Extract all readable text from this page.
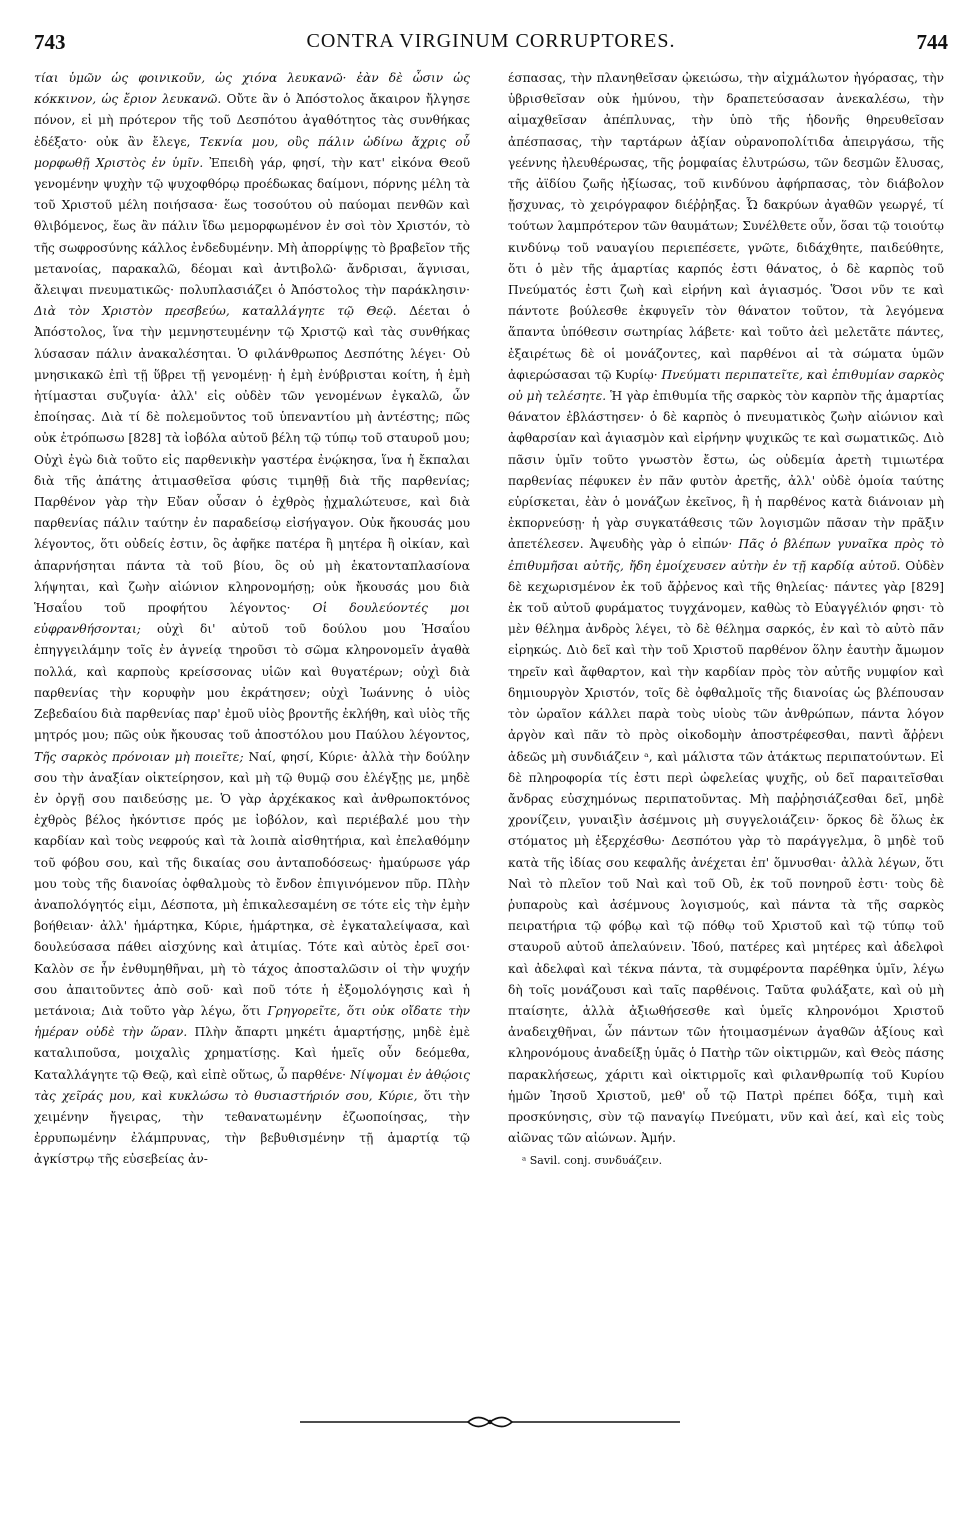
743	CONTRA VIRGINUM CORRUPTORES.	744

τίαι ὑμῶν ὡς φοινικοῦν, ὡς χιόνα λευκανῶ· ἐὰν δὲ ὦσιν ὡς κόκκινον, ὡς ἔριον λευκανῶ. Οὔτε ἂν ὁ Ἀπόστολος ἄκαιρον ἤλγησε πόνον, εἰ μὴ πρότερον τῆς τοῦ Δεσπότου ἀγαθότητος τὰς συνθήκας ἐδέξατο· οὐκ ἂν ἔλεγε, Τεκνία μου, οὓς πάλιν ὠδίνω ἄχρις οὗ μορφωθῇ Χριστὸς ἐν ὑμῖν. Ἐπειδὴ γάρ, φησί, τὴν κατ' εἰκόνα Θεοῦ γενομένην ψυχὴν τῷ ψυχοφθόρῳ προέδωκας δαίμονι, πόρνης μέλη τὰ τοῦ Χριστοῦ μέλη ποιήσασα· ἕως τοσούτου οὐ παύομαι πενθῶν καὶ θλιβόμενος, ἕως ἂν πάλιν ἴδω μεμορφωμένον ἐν σοὶ τὸν Χριστόν, τὸ τῆς σωφροσύνης κάλλος ἐνδεδυμένην. Μὴ ἀπορρίψῃς τὸ βραβεῖον τῆς μετανοίας, παρακαλῶ, δέομαι καὶ ἀντιβολῶ· ἄνδρισαι, ἅγνισαι, ἄλειψαι πνευματικῶς· πολυπλασιάζει ὁ Ἀπόστολος τὴν παράκλησιν· Διὰ τὸν Χριστὸν πρεσβεύω, καταλλάγητε τῷ Θεῷ. Δέεται ὁ Ἀπόστολος, ἵνα τὴν μεμνηστευμένην τῷ Χριστῷ καὶ τὰς συνθήκας λύσασαν πάλιν ἀνακαλέσηται. Ὁ φιλάνθρωπος Δεσπότης λέγει· Οὐ μνησικακῶ ἐπὶ τῇ ὕβρει τῇ γενομένῃ· ἡ ἐμὴ ἐνύβρισται κοίτη, ἡ ἐμὴ ἠτίμασται συζυγία· ἀλλ' εἰς οὐδὲν τῶν γενομένων ἐγκαλῶ, ὧν ἐποίησας. Διὰ τί δὲ πολεμοῦντος τοῦ ὑπεναντίου μὴ ἀντέστης; πῶς οὐκ ἐτρόπωσω [828] τὰ ἰοβόλα αὐτοῦ βέλη τῷ τύπῳ τοῦ σταυροῦ μου; Οὐχὶ ἐγὼ διὰ τοῦτο εἰς παρθενικὴν γαστέρα ἐνῴκησα, ἵνα ἡ ἔκπαλαι διὰ τῆς ἀπάτης ἀτιμασθεῖσα φύσις τιμηθῇ διὰ τῆς παρθενίας; Παρθένον γὰρ τὴν Εὔαν οὖσαν ὁ ἐχθρὸς ᾐχμαλώτευσε, καὶ διὰ παρθενίας πάλιν ταύτην ἐν παραδείσῳ εἰσήγαγον. Οὐκ ἤκουσάς μου λέγοντος, ὅτι οὐδείς ἐστιν, ὃς ἀφῆκε πατέρα ἢ μητέρα ἢ οἰκίαν, καὶ ἀπαρνήσηται πάντα τὰ τοῦ βίου, ὃς οὐ μὴ ἑκατονταπλασίονα λήψηται, καὶ ζωὴν αἰώνιον κληρονομήσῃ; οὐκ ἤκουσάς μου διὰ Ἡσαΐου τοῦ προφήτου λέγοντος· Οἱ δουλεύοντές μοι εὐφρανθήσονται; οὐχὶ δι' αὐτοῦ τοῦ δούλου μου Ἡσαΐου ἐπηγγειλάμην τοῖς ἐν ἁγνείᾳ τηροῦσι τὸ σῶμα κληρονομεῖν ἀγαθὰ πολλά, καὶ καρποὺς κρείσσονας υἱῶν καὶ θυγατέρων; οὐχὶ διὰ παρθενίας τὴν κορυφὴν μου ἐκράτησεν; οὐχὶ Ἰωάννης ὁ υἱὸς Ζεβεδαίου διὰ παρθενίας παρ' ἐμοῦ υἱὸς βροντῆς ἐκλήθη, καὶ υἱὸς τῆς μητρός μου; πῶς οὐκ ἤκουσας τοῦ ἀποστόλου μου Παύλου λέγοντος, Τῆς σαρκὸς πρόνοιαν μὴ ποιεῖτε; Ναί, φησί, Κύριε· ἀλλὰ τὴν δούλην σου τὴν ἀναξίαν οἰκτείρησον, καὶ μὴ τῷ θυμῷ σου ἐλέγξῃς με, μηδὲ ἐν ὀργῇ σου παιδεύσῃς με. Ὁ γὰρ ἀρχέκακος καὶ ἀνθρωποκτόνος ἐχθρὸς βέλος ἠκόντισε πρός με ἰοβόλον, καὶ περιέβαλέ μου τὴν καρδίαν καὶ τοὺς νεφρούς καὶ τὰ λοιπὰ αἰσθητήρια, καὶ ἐπελαθόμην τοῦ φόβου σου, καὶ τῆς δικαίας σου ἀνταποδόσεως· ἠμαύρωσε γάρ μου τοὺς τῆς διανοίας ὀφθαλμοὺς τὸ ἔνδον ἐπιγινόμενον πῦρ. Πλὴν ἀναπολόγητός εἰμι, Δέσποτα, μὴ ἐπικαλεσαμένη σε τότε εἰς τὴν ἐμὴν βοήθειαν· ἀλλ' ἡμάρτηκα, Κύριε, ἡμάρτηκα, σὲ ἐγκαταλείψασα, καὶ δουλεύσασα πάθει αἰσχύνης καὶ ἀτιμίας. Τότε καὶ αὐτὸς ἐρεῖ σοι· Καλὸν σε ἦν ἐνθυμηθῆναι, μὴ τὸ τάχος ἀποσταλῶσιν οἱ τὴν ψυχήν σου ἀπαιτοῦντες ἀπὸ σοῦ· καὶ ποῦ τότε ἡ ἐξομολόγησις καὶ ἡ μετάνοια; Διὰ τοῦτο γὰρ λέγω, ὅτι Γρηγορεῖτε, ὅτι οὐκ οἴδατε τὴν ἡμέραν οὐδὲ τὴν ὥραν. Πλὴν ἄπαρτι μηκέτι ἁμαρτήσῃς, μηδὲ ἐμὲ καταλιποῦσα, μοιχαλὶς χρηματίσῃς. Καὶ ἡμεῖς οὖν δεόμεθα, Καταλλάγητε τῷ Θεῷ, καὶ εἰπὲ οὕτως, ὦ παρθένε· Νίψομαι ἐν ἀθῴοις τὰς χεῖράς μου, καὶ κυκλώσω τὸ θυσιαστήριόν σου, Κύριε, ὅτι τὴν χειμένην ἤγειρας, τὴν τεθανατωμένην ἐζωοποίησας, τὴν ἐρρυπωμένην ἐλάμπρυνας, τὴν βεβυθισμένην τῇ ἁμαρτίᾳ τῷ ἀγκίστρῳ τῆς εὐσεβείας ἀν-

έσπασας, τὴν πλανηθεῖσαν ᾠκειώσω, τὴν αἰχμάλωτον ἠγόρασας, τὴν ὑβρισθεῖσαν οὐκ ἠμύνου, τὴν δραπετεύσασαν ἀνεκαλέσω, τὴν αἱμαχθεῖσαν ἀπέπλυνας, τὴν ὑπὸ τῆς ἡδονῆς θηρευθεῖσαν ἀπέσπασας, τὴν ταρτάρων ἀξίαν οὐρανοπολίτιδα ἀπειργάσω, τῆς γεέννης ἠλευθέρωσας, τῆς ῥομφαίας ἐλυτρώσω, τῶν δεσμῶν ἔλυσας, τῆς ἀϊδίου ζωῆς ἠξίωσας, τοῦ κινδύνου ἀφήρπασας, τὸν διάβολον ᾔσχυνας, τὸ χειρόγραφον διέῤῥηξας. Ὦ δακρύων ἀγαθῶν γεωργέ, τί τούτων λαμπρότερον τῶν θαυμάτων; Συνέλθετε οὖν, ὅσαι τῷ τοιούτῳ κινδύνῳ τοῦ ναυαγίου περιεπέσετε, γνῶτε, διδάχθητε, παιδεύθητε, ὅτι ὁ μὲν τῆς ἁμαρτίας καρπός ἐστι θάνατος, ὁ δὲ καρπὸς τοῦ Πνεύματός ἐστι ζωὴ καὶ εἰρήνη καὶ ἁγιασμός. Ὅσοι νῦν τε καὶ πάντοτε βούλεσθε ἐκφυγεῖν τὸν θάνατον τοῦτον, τὰ λεγόμενα ἅπαντα ὑπόθεσιν σωτηρίας λάβετε· καὶ τοῦτο ἀεὶ μελετᾶτε πάντες, ἐξαιρέτως δὲ οἱ μονάζοντες, καὶ παρθένοι αἱ τὰ σώματα ὑμῶν ἀφιερώσασαι τῷ Κυρίῳ· Πνεύματι περιπατεῖτε, καὶ ἐπιθυμίαν σαρκὸς οὐ μὴ τελέσητε. Ἡ γὰρ ἐπιθυμία τῆς σαρκὸς τὸν καρπὸν τῆς ἁμαρτίας θάνατον ἐβλάστησεν· ὁ δὲ καρπὸς ὁ πνευματικὸς ζωὴν αἰώνιον καὶ ἀφθαρσίαν καὶ ἁγιασμὸν καὶ εἰρήνην ψυχικῶς τε καὶ σωματικῶς. Διὸ πᾶσιν ὑμῖν τοῦτο γνωστὸν ἔστω, ὡς οὐδεμία ἀρετὴ τιμιωτέρα παρθενίας πέφυκεν ἐν πᾶν φυτὸν ἀρετῆς, ἀλλ' οὐδὲ ὁμοία ταύτης εὑρίσκεται, ἐὰν ὁ μονάζων ἐκεῖνος, ἢ ἡ παρθένος κατὰ διάνοιαν μὴ ἐκπορνεύσῃ· ἡ γὰρ συγκατάθεσις τῶν λογισμῶν πᾶσαν τὴν πρᾶξιν ἀπετέλεσεν. Ἀψευδὴς γὰρ ὁ εἰπών· Πᾶς ὁ βλέπων γυναῖκα πρὸς τὸ ἐπιθυμῆσαι αὐτῆς, ἤδη ἐμοίχευσεν αὐτὴν ἐν τῇ καρδίᾳ αὐτοῦ. Οὐδὲν δὲ κεχωρισμένον ἐκ τοῦ ἄῤῥενος καὶ τῆς θηλείας· πάντες γὰρ [829] ἐκ τοῦ αὐτοῦ φυράματος τυγχάνομεν, καθὼς τὸ Εὐαγγέλιόν φησι· τὸ μὲν θέλημα ἀνδρὸς λέγει, τὸ δὲ θέλημα σαρκός, ἐν καὶ τὸ αὐτὸ πᾶν εἰρηκώς. Διὸ δεῖ καὶ τὴν τοῦ Χριστοῦ παρθένον ὅλην ἑαυτὴν ἄμωμον τηρεῖν καὶ ἄφθαρτον, καὶ τὴν καρδίαν πρὸς τὸν αὐτῆς νυμφίον καὶ δημιουργὸν Χριστόν, τοῖς δὲ ὀφθαλμοῖς τῆς διανοίας ὡς βλέπουσαν τὸν ὡραῖον κάλλει παρὰ τοὺς υἱοὺς τῶν ἀνθρώπων, πάντα λόγον ἀργὸν καὶ πᾶν τὸ πρὸς οἰκοδομὴν ἀποστρέφεσθαι, παντὶ ἄῤῥενι ἀδεῶς μὴ συνδιάζειν ᵃ, καὶ μάλιστα τῶν ἀτάκτως περιπατούντων. Εἰ δὲ πληροφορία τίς ἐστι περὶ ὠφελείας ψυχῆς, οὐ δεῖ παραιτεῖσθαι ἄνδρας εὐσχημόνως περιπατοῦντας. Μὴ παῤῥησιάζεσθαι δεῖ, μηδὲ χρονίζειν, γυναιξὶν ἀσέμνοις μὴ συγγελοιάζειν· ὅρκος δὲ ὅλως ἐκ στόματος μὴ ἐξερχέσθω· Δεσπότου γὰρ τὸ παράγγελμα, ὃ μηδὲ τοῦ κατὰ τῆς ἰδίας σου κεφαλῆς ἀνέχεται ἐπ' ὅμνυσθαι· ἀλλὰ λέγων, ὅτι Ναὶ τὸ πλεῖον τοῦ Ναὶ καὶ τοῦ Οὒ, ἐκ τοῦ πονηροῦ ἐστι· τοὺς δὲ ῥυπαροὺς καὶ ἀσέμνους λογισμούς, καὶ πάντα τὰ τῆς σαρκὸς πειρατήρια τῷ φόβῳ καὶ τῷ πόθῳ τοῦ Χριστοῦ καὶ τῷ τύπῳ τοῦ σταυροῦ αὐτοῦ ἀπελαύνειν. Ἰδού, πατέρες καὶ μητέρες καὶ ἀδελφοὶ καὶ ἀδελφαὶ καὶ τέκνα πάντα, τὰ συμφέροντα παρέθηκα ὑμῖν, λέγω δὴ τοῖς μονάζουσι καὶ ταῖς παρθένοις. Ταῦτα φυλάξατε, καὶ οὐ μὴ πταίσητε, ἀλλὰ ἀξιωθήσεσθε καὶ ὑμεῖς κληρονόμοι Χριστοῦ ἀναδειχθῆναι, ὧν πάντων τῶν ἡτοιμασμένων ἀγαθῶν ἀξίους καὶ κληρονόμους ἀναδείξῃ ὑμᾶς ὁ Πατὴρ τῶν οἰκτιρμῶν, καὶ Θεὸς πάσης παρακλήσεως, χάριτι καὶ οἰκτιρμοῖς καὶ φιλανθρωπίᾳ τοῦ Κυρίου ἡμῶν Ἰησοῦ Χριστοῦ, μεθ' οὗ τῷ Πατρὶ πρέπει δόξα, τιμὴ καὶ προσκύνησις, σὺν τῷ παναγίῳ Πνεύματι, νῦν καὶ ἀεί, καὶ εἰς τοὺς αἰῶνας τῶν αἰώνων. Ἀμήν.

ᵃ Savil. conj. συνδυάζειν.
